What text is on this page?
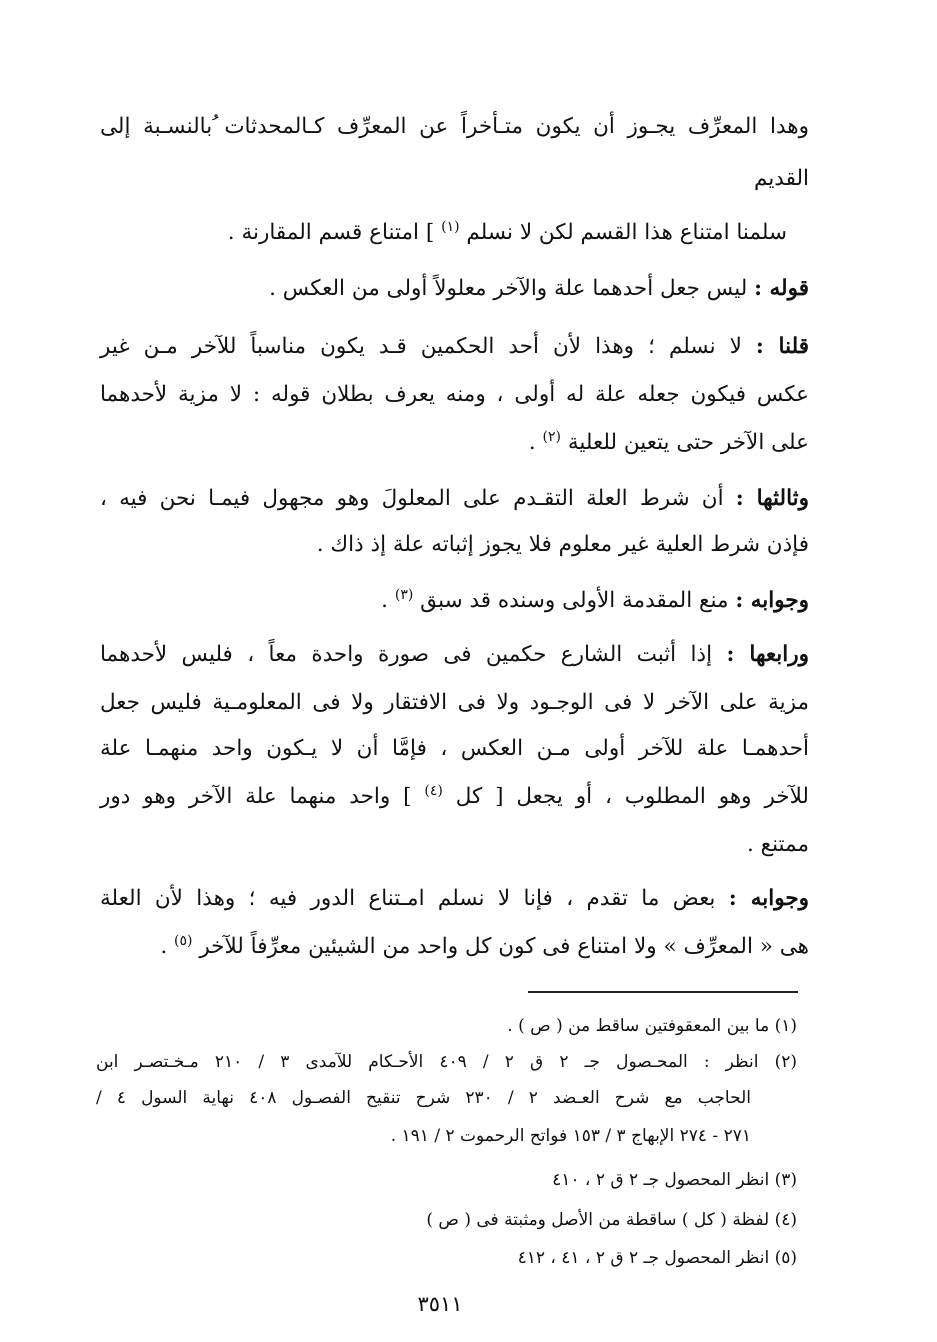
وهدا المعرِّف يجـوز أن يكون متـأخراً عن المعرِّف كـالمحدثات ُبالنسـبة إلى
القديم
سلمنا امتناع هذا القسم لكن لا نسلم $^{(١)}$ ] امتناع قسم المقارنة .
قوله : ليس جعل أحدهما علة والآخر معلولاً أولى من العكس .
قلنا : لا نسلم ؛ وهذا لأن أحد الحكمين قـد يكون مناسباً للآخر مـن غير
عكس فيكون جعله علة له أولى ، ومنه يعرف بطلان قوله : لا مزية لأحدهما
على الآخر حتى يتعين للعلية $^{(٢)}$ .
وثالثها : أن شرط العلة التقـدم على المعلولَ وهو مجهول فيمـا نحن فيه ،
فإذن شرط العلية غير معلوم فلا يجوز إثباته علة إذ ذاك .
وجوابه : منع المقدمة الأولى وسنده قد سبق $^{(٣)}$ .
ورابعها : إذا أثبت الشارع حكمين فى صورة واحدة معاً ، فليس لأحدهما
مزية على الآخر لا فى الوجـود ولا فى الافتقار ولا فى المعلومـية فليس جعل
أحدهمـا علة للآخر أولى مـن العكس ، فإمَّا أن لا يـكون واحد منهمـا علة
للآخر وهو المطلوب ، أو يجعل [ كل $^{(٤)}$ ] واحد منهما علة الآخر وهو دور
ممتنع .
وجوابه : بعض ما تقدم ، فإنا لا نسلم امـتناع الدور فيه ؛ وهذا لأن العلة
هى « المعرِّف » ولا امتناع فى كون كل واحد من الشيئين معرِّفاً للآخر $^{(٥)}$ .
(١) ما بين المعقوفتين ساقط من ( ص ) .
(٢) انظر : المحـصول جـ ٢ ق ٢ / ٤٠٩ الأحـكام للآمدى ٣ / ٢١٠ مـخـتصـر ابن
الحاجب مع شرح العـضد ٢ / ٢٣٠ شرح تنقيح الفصـول ٤٠٨ نهاية السول ٤ /
٢٧١ - ٢٧٤ الإبهاج ٣ / ١٥٣ فواتح الرحموت ٢ / ١٩١ .
(٣) انظر المحصول جـ ٢ ق ٢ ، ٤١٠
(٤) لفظة ( كل ) ساقطة من الأصل ومثبتة فى ( ص )
(٥) انظر المحصول جـ ٢ ق ٢ ، ٤١ ، ٤١٢
٣٥١١
